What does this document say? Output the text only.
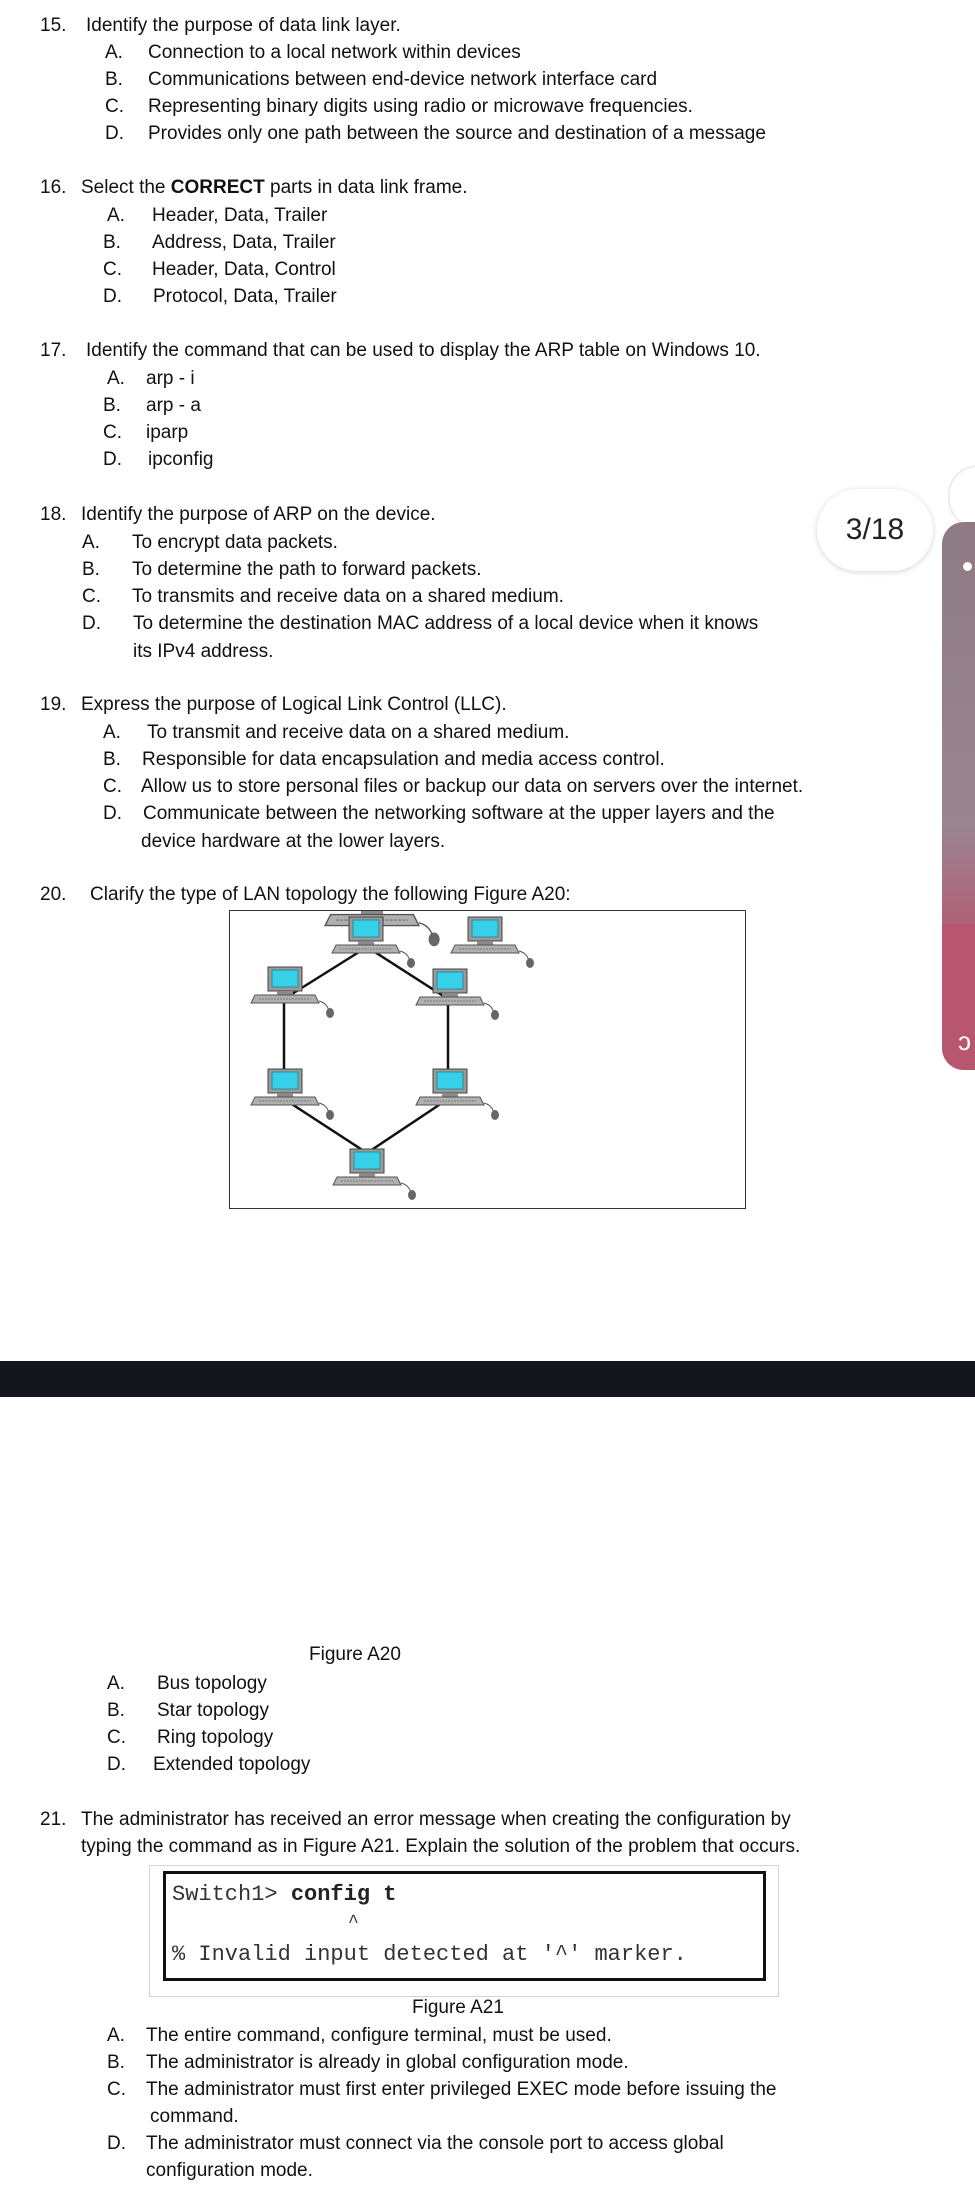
15. Identify the purpose of data link layer.
A. Connection to a local network within devices
B. Communications between end-device network interface card
C. Representing binary digits using radio or microwave frequencies.
D. Provides only one path between the source and destination of a message
16. Select the CORRECT parts in data link frame.
A. Header, Data, Trailer
B. Address, Data, Trailer
C. Header, Data, Control
D. Protocol, Data, Trailer
17. Identify the command that can be used to display the ARP table on Windows 10.
A. arp - i
B. arp - a
C. iparp
D. ipconfig
18. Identify the purpose of ARP on the device.
A. To encrypt data packets.
B. To determine the path to forward packets.
C. To transmits and receive data on a shared medium.
D. To determine the destination MAC address of a local device when it knows
its IPv4 address.
19. Express the purpose of Logical Link Control (LLC).
A. To transmit and receive data on a shared medium.
B. Responsible for data encapsulation and media access control.
C. Allow us to store personal files or backup our data on servers over the internet.
D. Communicate between the networking software at the upper layers and the
device hardware at the lower layers.
20. Clarify the type of LAN topology the following Figure A20:
ɔ
3/18
Figure A20
A. Bus topology
B. Star topology
C. Ring topology
D. Extended topology
21. The administrator has received an error message when creating the configuration by
typing the command as in Figure A21. Explain the solution of the problem that occurs.
Switch1> config t
^
% Invalid input detected at '^' marker.
Figure A21
A. The entire command, configure terminal, must be used.
B. The administrator is already in global configuration mode.
C. The administrator must first enter privileged EXEC mode before issuing the
command.
D. The administrator must connect via the console port to access global
configuration mode.
